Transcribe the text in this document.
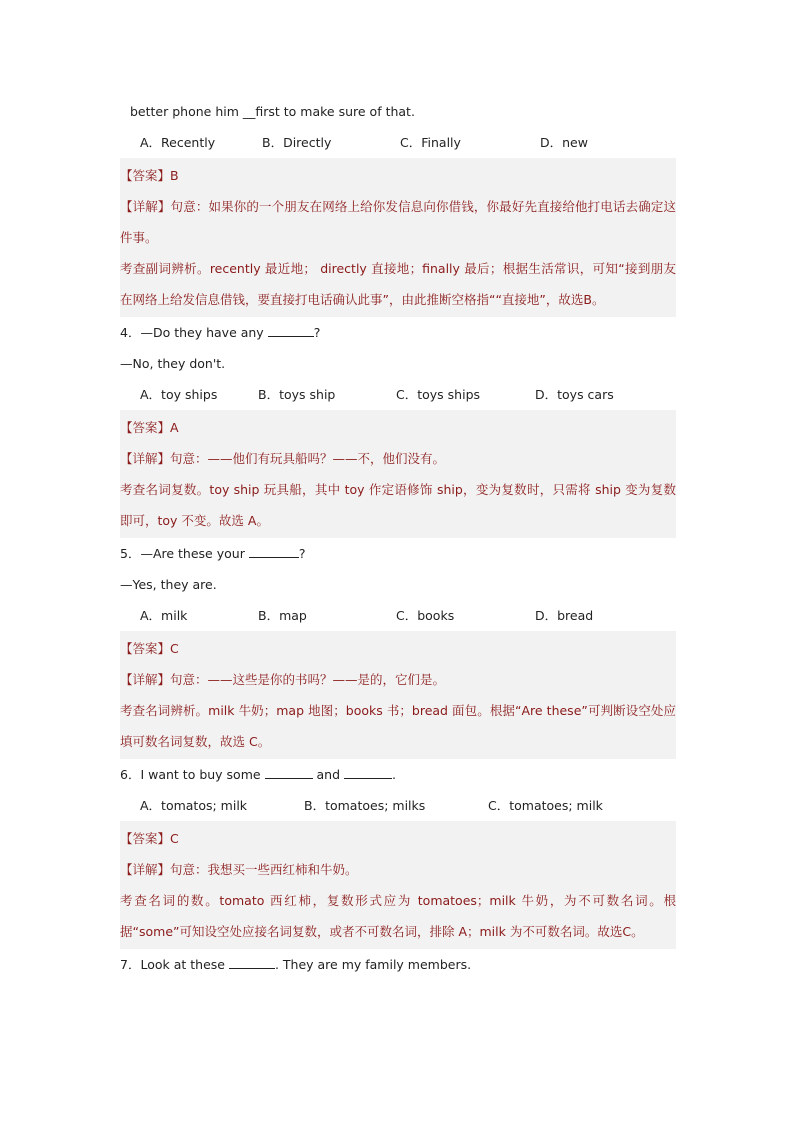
better phone him __first to make sure of that.
A．Recently	B．Directly	C．Finally	D．new
【答案】B
【详解】句意：如果你的一个朋友在网络上给你发信息向你借钱，你最好先直接给他打电话去确定这件事。
考查副词辨析。recently 最近地； directly 直接地；finally 最后；根据生活常识，可知“接到朋友在网络上给发信息借钱，要直接打电话确认此事”，由此推断空格指““直接地”，故选B。
4．—Do they have any	?
—No, they don't.
A．toy ships	B．toys ship	C．toys ships	D．toys cars
【答案】A
【详解】句意：——他们有玩具船吗？——不，他们没有。
考查名词复数。toy ship 玩具船，其中 toy 作定语修饰 ship，变为复数时，只需将 ship 变为复数即可，toy 不变。故选 A。
5．—Are these your	?
—Yes, they are.
A．milk	B．map	C．books	D．bread
【答案】C
【详解】句意：——这些是你的书吗？——是的，它们是。
考查名词辨析。milk 牛奶；map 地图；books 书；bread 面包。根据“Are these”可判断设空处应填可数名词复数，故选 C。
6．I want to buy some	and	.
A．tomatos; milk	B．tomatoes; milks	C．tomatoes; milk
【答案】C
【详解】句意：我想买一些西红柿和牛奶。
考查名词的数。tomato 西红柿，复数形式应为 tomatoes；milk 牛奶，为不可数名词。根据“some”可知设空处应接名词复数，或者不可数名词，排除 A；milk 为不可数名词。故选C。
7．Look at these	. They are my family members.
